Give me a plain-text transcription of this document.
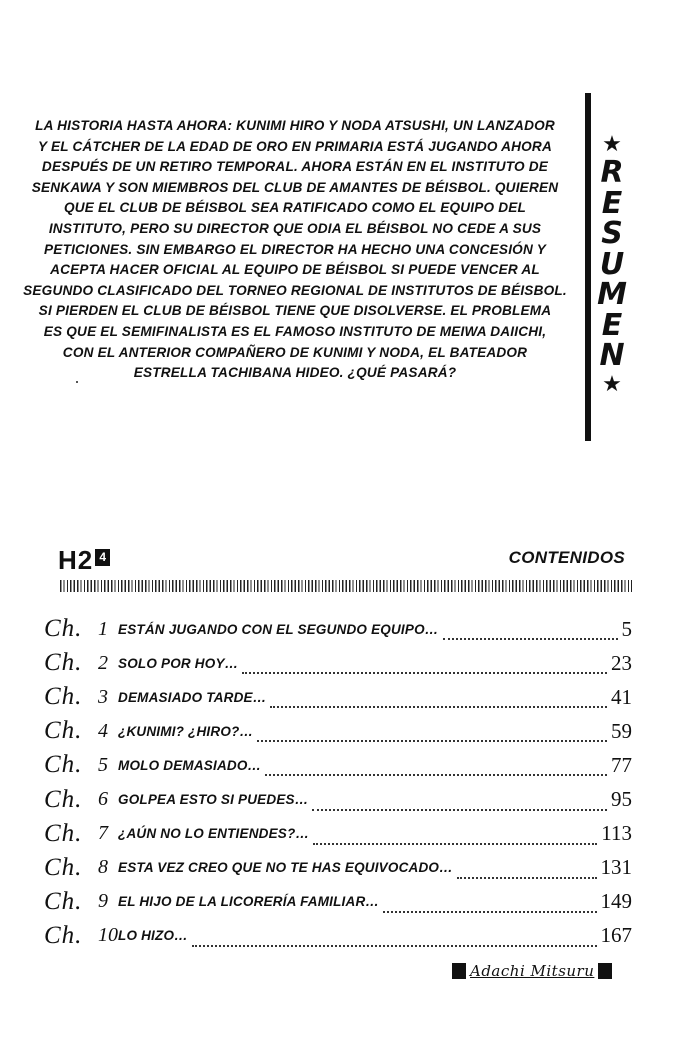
LA HISTORIA HASTA AHORA: KUNIMI HIRO Y NODA ATSUSHI, UN LANZADOR
Y EL CÁTCHER DE LA EDAD DE ORO EN PRIMARIA ESTÁ JUGANDO AHORA
DESPUÉS DE UN RETIRO TEMPORAL. AHORA ESTÁN EN EL INSTITUTO DE
SENKAWA Y SON MIEMBROS DEL CLUB DE AMANTES DE BÉISBOL. QUIEREN
QUE EL CLUB DE BÉISBOL SEA RATIFICADO COMO EL EQUIPO DEL
INSTITUTO, PERO SU DIRECTOR QUE ODIA EL BÉISBOL NO CEDE A SUS
PETICIONES. SIN EMBARGO EL DIRECTOR HA HECHO UNA CONCESIÓN Y
ACEPTA HACER OFICIAL AL EQUIPO DE BÉISBOL SI PUEDE VENCER AL
SEGUNDO CLASIFICADO DEL TORNEO REGIONAL DE INSTITUTOS DE BÉISBOL.
SI PIERDEN EL CLUB DE BÉISBOL TIENE QUE DISOLVERSE. EL PROBLEMA
ES QUE EL SEMIFINALISTA ES EL FAMOSO INSTITUTO DE MEIWA DAIICHI,
CON EL ANTERIOR COMPAÑERO DE KUNIMI Y NODA, EL BATEADOR
ESTRELLA TACHIBANA HIDEO. ¿QUÉ PASARÁ?
★
R
E
S
U
M
E
N
★
H2 4	CONTENIDOS
Ch. 1 ESTÁN JUGANDO CON EL SEGUNDO EQUIPO…	5
Ch. 2 SOLO POR HOY…	23
Ch. 3 DEMASIADO TARDE…	41
Ch. 4 ¿KUNIMI? ¿HIRO?…	59
Ch. 5 MOLO DEMASIADO…	77
Ch. 6 GOLPEA ESTO SI PUEDES…	95
Ch. 7 ¿AÚN NO LO ENTIENDES?…	113
Ch. 8 ESTA VEZ CREO QUE NO TE HAS EQUIVOCADO…	131
Ch. 9 EL HIJO DE LA LICORERÍA FAMILIAR…	149
Ch. 10 LO HIZO…	167
Adachi Mitsuru
